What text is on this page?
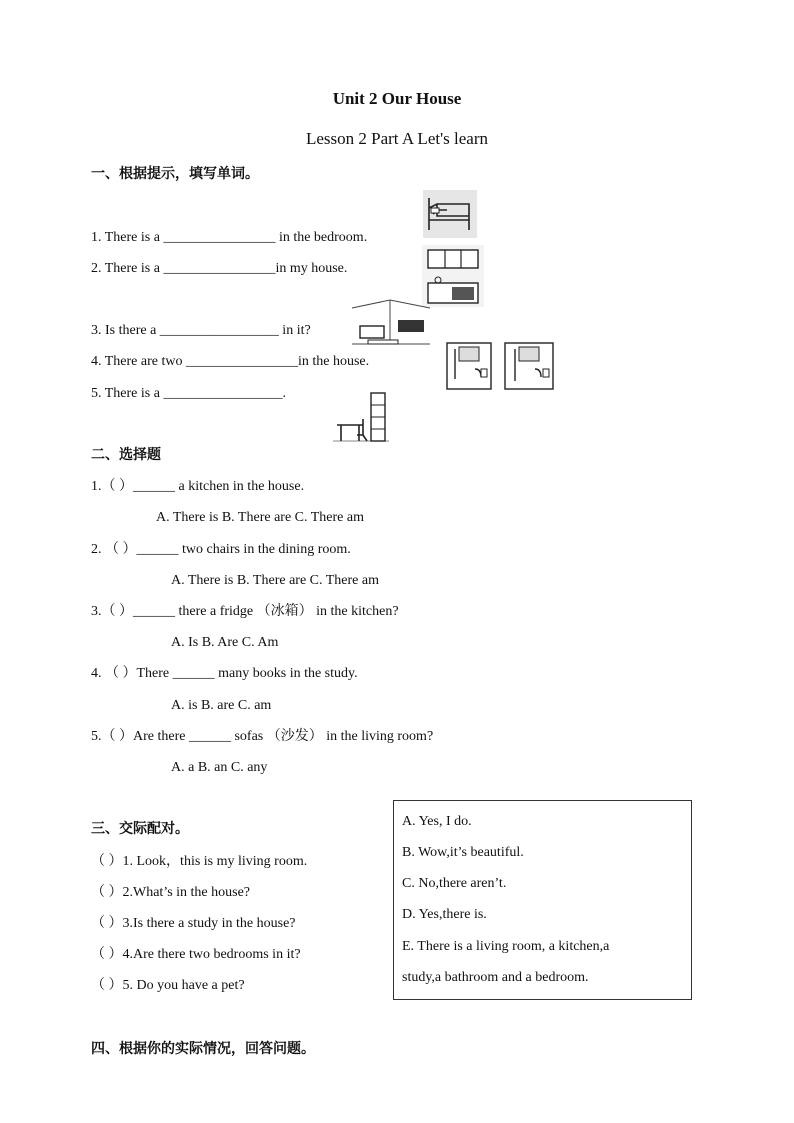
Unit 2 Our House
Lesson 2 Part A Let's learn
一、根据提示，填写单词。
1. There is a ________________ in the bedroom.
2. There is a ________________in my house.
3. Is there a _________________ in it?
4. There are two ________________in the house.
5. There is a _________________.
二、选择题
1.（ ）______ a kitchen in the house.
A. There is B. There are C. There am
2. （ ）______ two chairs in the dining room.
A. There is B. There are C. There am
3.（ ）______ there a fridge （冰箱） in the kitchen?
A. Is B. Are C. Am
4. （ ）There ______ many books in the study.
A. is B. are C. am
5.（ ）Are there ______ sofas （沙发） in the living room?
A. a B. an C. any
三、交际配对。
（ ）1. Look，this is my living room.
（ ）2.What’s in the house?
（ ）3.Is there a study in the house?
（ ）4.Are there two bedrooms in it?
（ ）5. Do you have a pet?
A. Yes, I do.
B. Wow,it’s beautiful.
C. No,there aren’t.
D. Yes,there is.
E. There is a living room, a kitchen,a
study,a bathroom and a bedroom.
四、根据你的实际情况，回答问题。
